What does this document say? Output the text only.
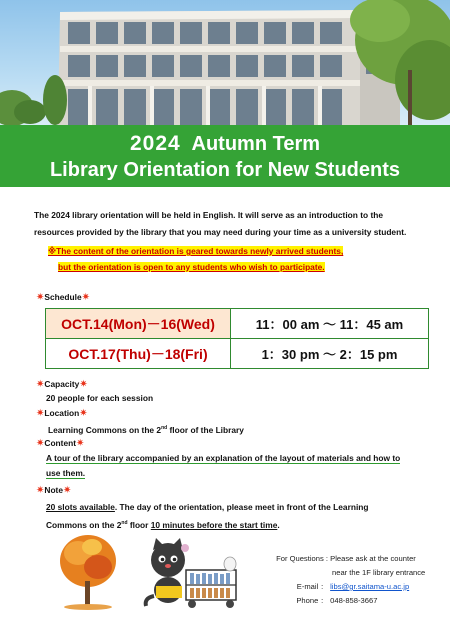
2024 Autumn Term
Library Orientation for New Students
The 2024 library orientation will be held in English. It will serve as an introduction to the
resources provided by the library that you may need during your time as a university student.
※The content of the orientation is geared towards newly arrived students,
but the orientation is open to any students who wish to participate.
✷Schedule✷
OCT.14(Mon)－16(Wed)	11：00 am ～ 11：45 am
OCT.17(Thu)－18(Fri)	1：30 pm ～ 2：15 pm
✷Capacity✷
20 people for each session
✷Location✷
Learning Commons on the 2nd floor of the Library
✷Content✷
A tour of the library accompanied by an explanation of the layout of materials and how to
use them.
✷Note✷
20 slots available. The day of the orientation, please meet in front of the Learning
Commons on the 2nd floor 10 minutes before the start time.
For Questions : Please ask at the counter
near the 1F library entrance
E-mail ： libs@gr.saitama-u.ac.jp
Phone ： 048-858-3667
